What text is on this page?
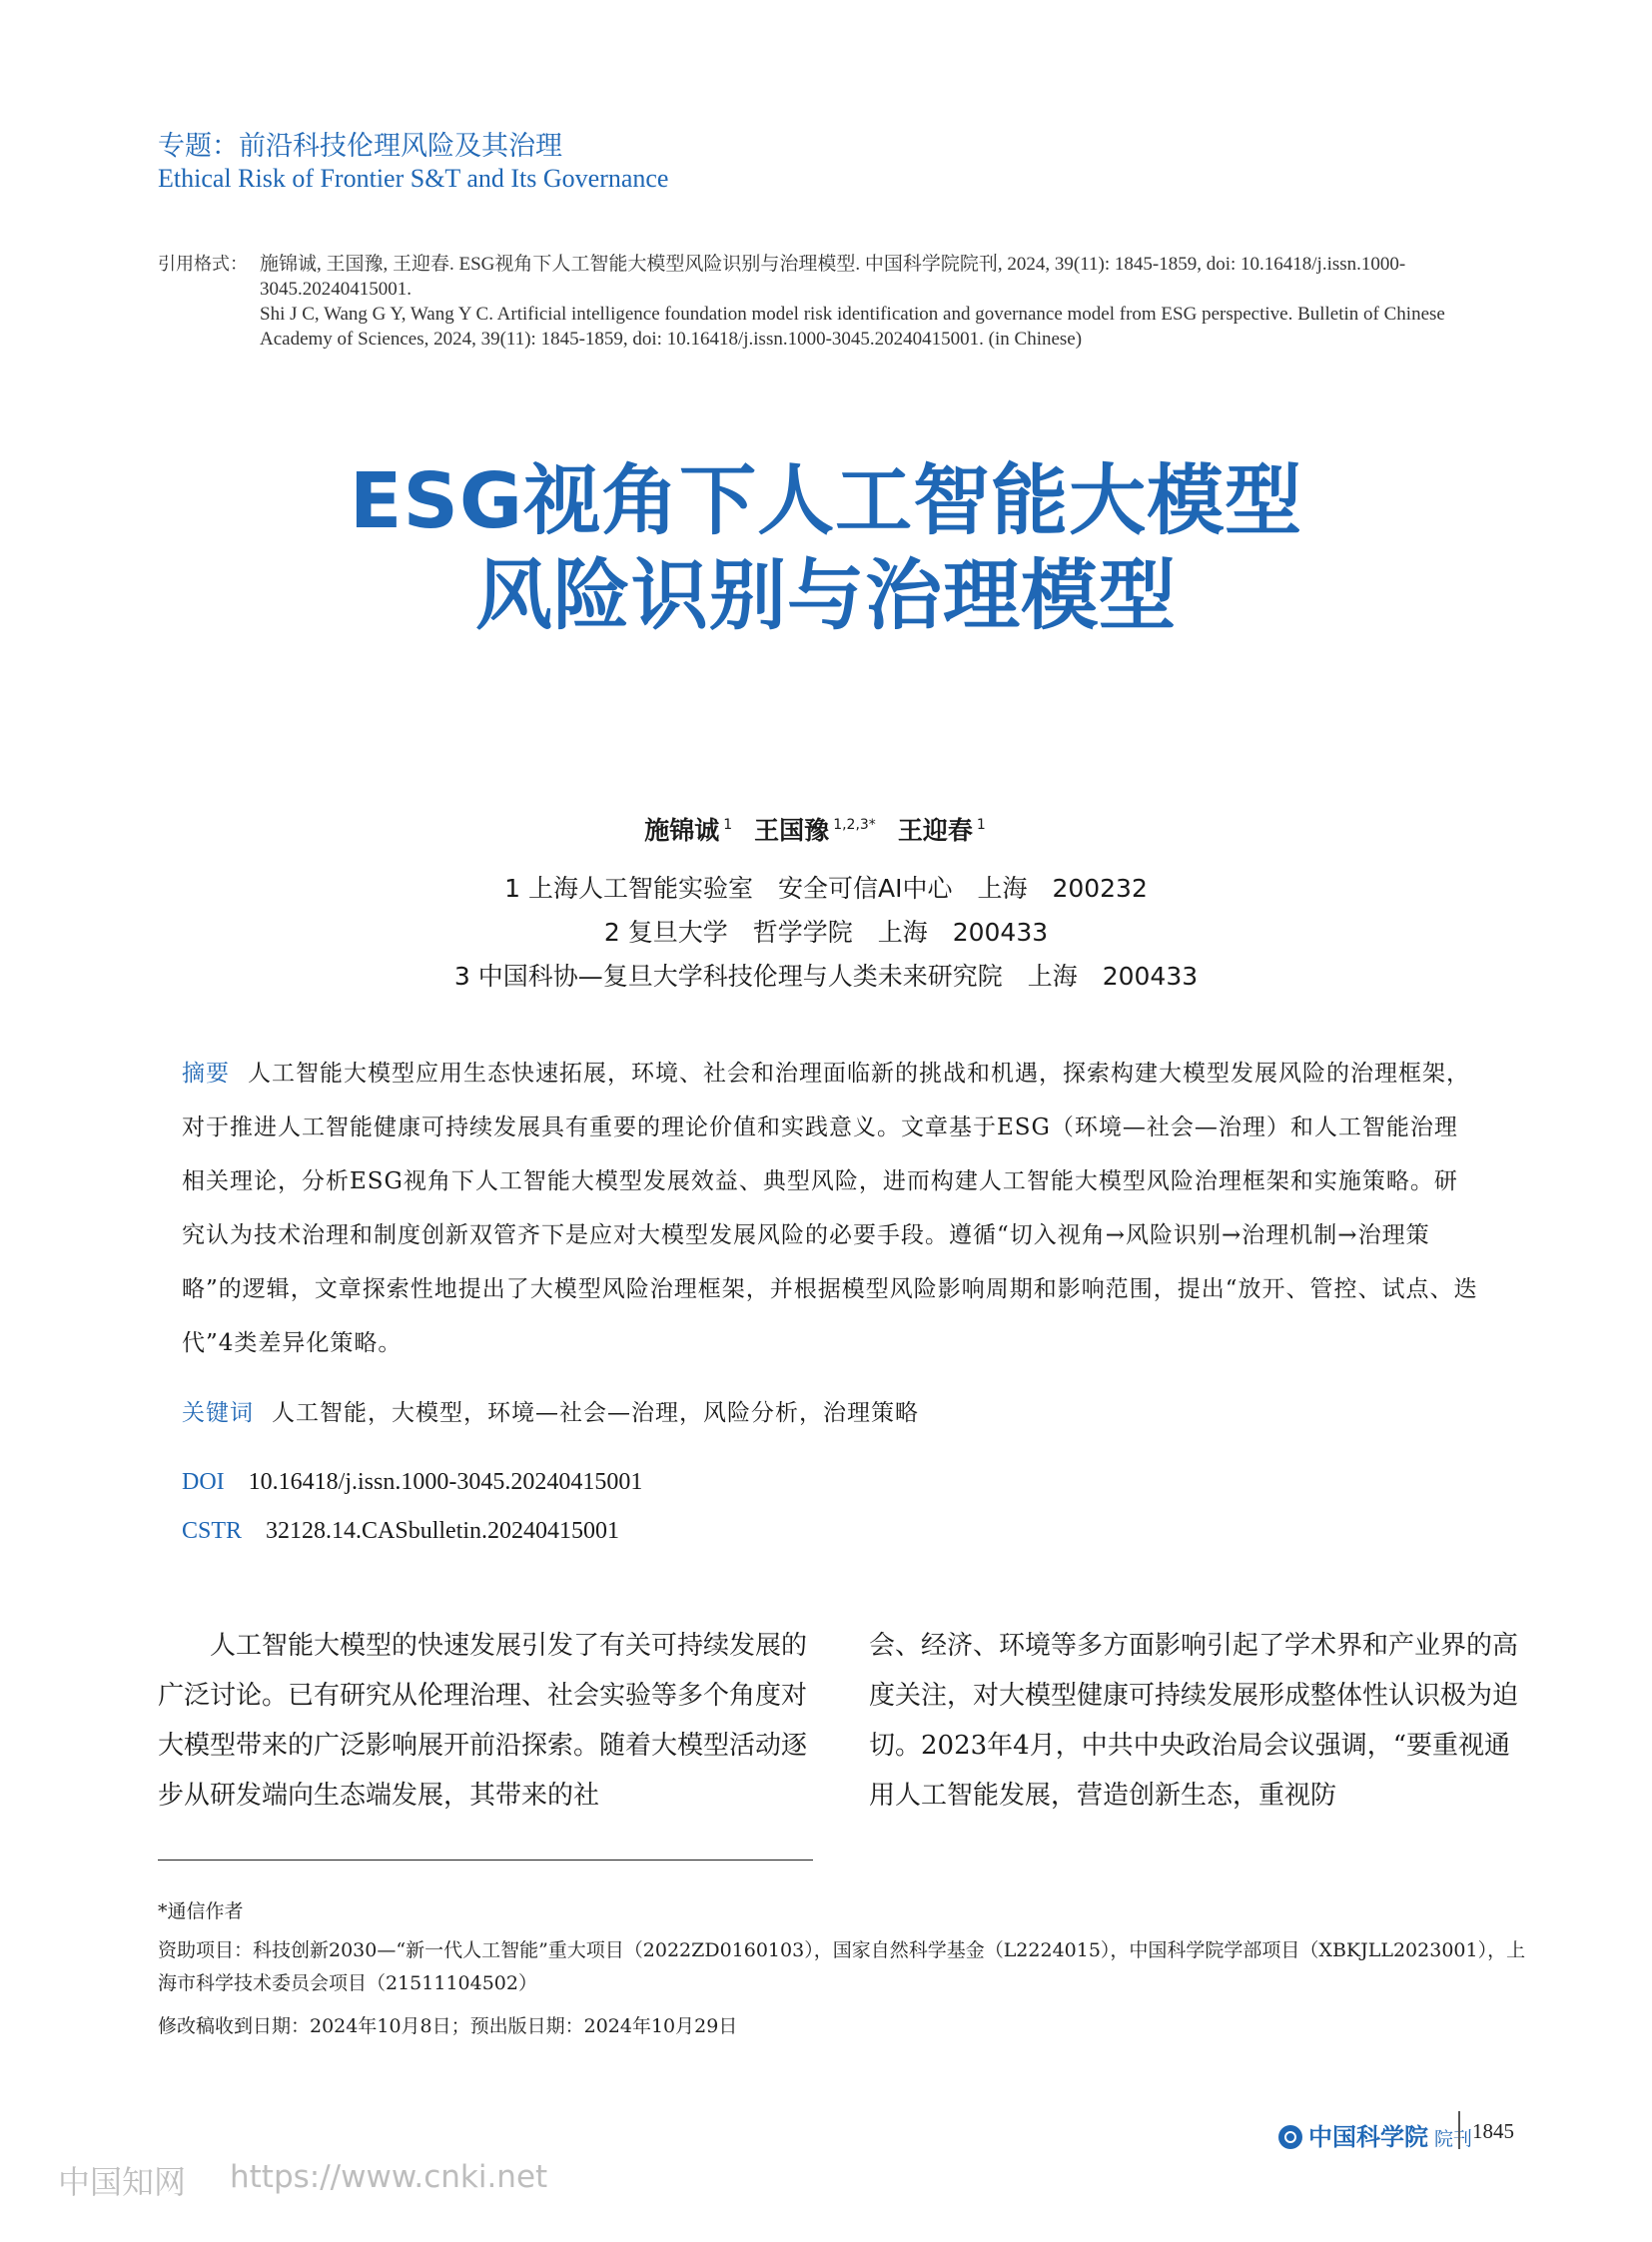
专题：前沿科技伦理风险及其治理
Ethical Risk of Frontier S&T and Its Governance
引用格式： 施锦诚, 王国豫, 王迎春. ESG视角下人工智能大模型风险识别与治理模型. 中国科学院院刊, 2024, 39(11): 1845-1859, doi: 10.16418/j.issn.1000-3045.20240415001.

Shi J C, Wang G Y, Wang Y C. Artificial intelligence foundation model risk identification and governance model from ESG perspective. Bulletin of Chinese Academy of Sciences, 2024, 39(11): 1845-1859, doi: 10.16418/j.issn.1000-3045.20240415001. (in Chinese)

ESG视角下人工智能大模型
风险识别与治理模型
施锦诚 $^1$ 王国豫 $^{1,2,3*}$ 王迎春 $^1$
1 上海人工智能实验室　安全可信AI中心　上海　200232
2 复旦大学　哲学学院　上海　200433
3 中国科协—复旦大学科技伦理与人类未来研究院　上海　200433
摘要 人工智能大模型应用生态快速拓展，环境、社会和治理面临新的挑战和机遇，探索构建大模型发展风险的治理框架，对于推进人工智能健康可持续发展具有重要的理论价值和实践意义。文章基于ESG（环境—社会—治理）和人工智能治理相关理论，分析ESG视角下人工智能大模型发展效益、典型风险，进而构建人工智能大模型风险治理框架和实施策略。研究认为技术治理和制度创新双管齐下是应对大模型发展风险的必要手段。遵循“切入视角→风险识别→治理机制→治理策略”的逻辑，文章探索性地提出了大模型风险治理框架，并根据模型风险影响周期和影响范围，提出“放开、管控、试点、迭代”4类差异化策略。
关键词 人工智能，大模型，环境—社会—治理，风险分析，治理策略
DOI 10.16418/j.issn.1000-3045.20240415001
CSTR 32128.14.CASbulletin.20240415001
人工智能大模型的快速发展引发了有关可持续发展的广泛讨论。已有研究从伦理治理、社会实验等多个角度对大模型带来的广泛影响展开前沿探索。随着大模型活动逐步从研发端向生态端发展，其带来的社
会、经济、环境等多方面影响引起了学术界和产业界的高度关注，对大模型健康可持续发展形成整体性认识极为迫切。2023年4月，中共中央政治局会议强调，“要重视通用人工智能发展，营造创新生态，重视防
*通信作者
资助项目：科技创新2030—“新一代人工智能”重大项目（2022ZD0160103），国家自然科学基金（L2224015），中国科学院学部项目（XBKJLL2023001），上海市科学技术委员会项目（21511104502）
修改稿收到日期：2024年10月8日；预出版日期：2024年10月29日
中国科学院 院刊 1845
中国知网 https://www.cnki.net
